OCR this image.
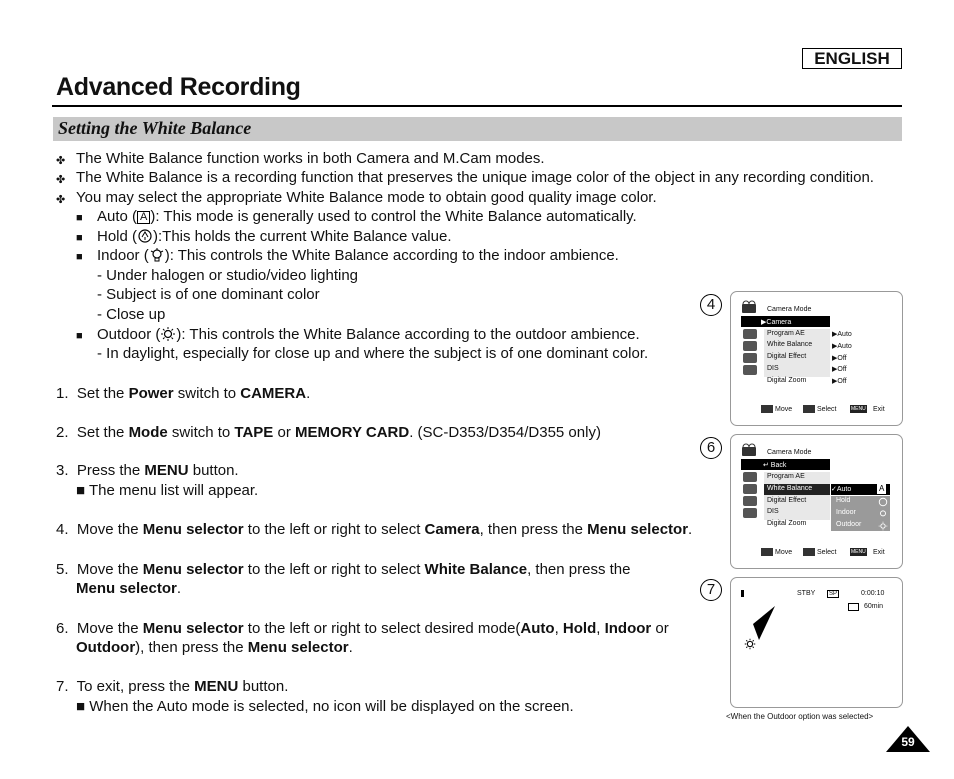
ENGLISH
Advanced Recording
Setting the White Balance
✤ The White Balance function works in both Camera and M.Cam modes.
✤ The White Balance is a recording function that preserves the unique image color of the object in any recording condition.
✤ You may select the appropriate White Balance mode to obtain good quality image color.
■ Auto ( A ): This mode is generally used to control the White Balance automatically.
■ Hold ( ):This holds the current White Balance value.
■ Indoor ( ): This controls the White Balance according to the indoor ambience.
- Under halogen or studio/video lighting
- Subject is of one dominant color
- Close up
■ Outdoor ( ): This controls the White Balance according to the outdoor ambience.
- In daylight, especially for close up and where the subject is of one dominant color.
1. Set the Power switch to CAMERA.
2. Set the Mode switch to TAPE or MEMORY CARD. (SC-D353/D354/D355 only)
3. Press the MENU button.
■ The menu list will appear.
4. Move the Menu selector to the left or right to select Camera, then press the Menu selector.
5. Move the Menu selector to the left or right to select White Balance, then press the
Menu selector.
6. Move the Menu selector to the left or right to select desired mode(Auto, Hold, Indoor or
Outdoor), then press the Menu selector.
7. To exit, press the MENU button.
■ When the Auto mode is selected, no icon will be displayed on the screen.
4	Camera Mode
▶Camera
Program AE
White Balance
Digital Effect
DIS
Digital Zoom
▶Auto
▶Auto
▶Off
▶Off
▶Off
Move	Select	MENU Exit
6	Camera Mode
↵ Back
Program AE
White Balance
Digital Effect
DIS
Digital Zoom
✓Auto	A
Hold
Indoor
Outdoor
Move	Select	MENU Exit
7	STBY	SP	0:00:10
60min
<When the Outdoor option was selected>
59
